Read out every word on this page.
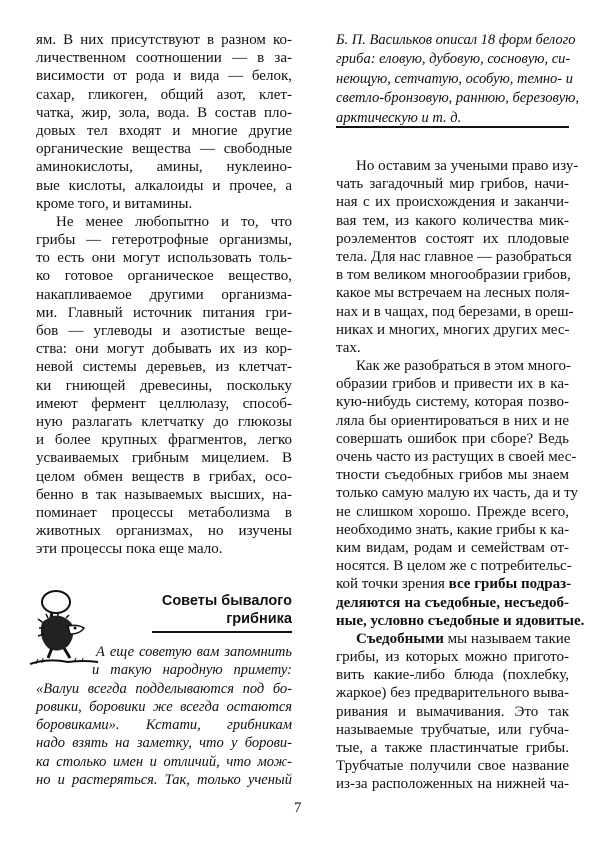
ям. В них присутствуют в разном ко-
личественном соотношении — в за-
висимости от рода и вида — белок,
сахар, гликоген, общий азот, клет-
чатка, жир, зола, вода. В состав пло-
довых тел входят и многие другие
органические вещества — свободные
аминокислоты, амины, нуклеино-
вые кислоты, алкалоиды и прочее, а
кроме того, и витамины.
Не менее любопытно и то, что
грибы — гетеротрофные организмы,
то есть они могут использовать толь-
ко готовое органическое вещество,
накапливаемое другими организма-
ми. Главный источник питания гри-
бов — углеводы и азотистые веще-
ства: они могут добывать их из кор-
невой системы деревьев, из клетчат-
ки гниющей древесины, поскольку
имеют фермент целлюлазу, способ-
ную разлагать клетчатку до глюкозы
и более крупных фрагментов, легко
усваиваемых грибным мицелием. В
целом обмен веществ в грибах, осо-
бенно в так называемых высших, на-
поминает процессы метаболизма в
животных организмах, но изучены
эти процессы пока еще мало.
Советы бывалого
грибника
А еще советую вам запомнить
и такую народную примету:
«Валуи всегда подделываются под бо-
ровики, боровики же всегда остаются
боровиками». Кстати, грибникам
надо взять на заметку, что у борови-
ка столько имен и отличий, что мож-
но и растеряться. Так, только ученый
Б. П. Васильков описал 18 форм белого
гриба: еловую, дубовую, сосновую, си-
неющую, сетчатую, особую, темно- и
светло-бронзовую, раннюю, березовую,
арктическую и т. д.
Но оставим за учеными право изу-
чать загадочный мир грибов, начи-
ная с их происхождения и заканчи-
вая тем, из какого количества мик-
роэлементов состоят их плодовые
тела. Для нас главное — разобраться
в том великом многообразии грибов,
какое мы встречаем на лесных поля-
нах и в чащах, под березами, в ореш-
никах и многих, многих других мес-
тах.
Как же разобраться в этом много-
образии грибов и привести их в ка-
кую-нибудь систему, которая позво-
ляла бы ориентироваться в них и не
совершать ошибок при сборе? Ведь
очень часто из растущих в своей мес-
тности съедобных грибов мы знаем
только самую малую их часть, да и ту
не слишком хорошо. Прежде всего,
необходимо знать, какие грибы к ка-
ким видам, родам и семействам от-
носятся. В целом же с потребительс-
кой точки зрения все грибы подраз-
деляются на съедобные, несъедоб-
ные, условно съедобные и ядовитые.
Съедобными мы называем такие
грибы, из которых можно пригото-
вить какие-либо блюда (похлебку,
жаркое) без предварительного выва-
ривания и вымачивания. Это так
называемые трубчатые, или губча-
тые, а также пластинчатые грибы.
Трубчатые получили свое название
из-за расположенных на нижней ча-
7
